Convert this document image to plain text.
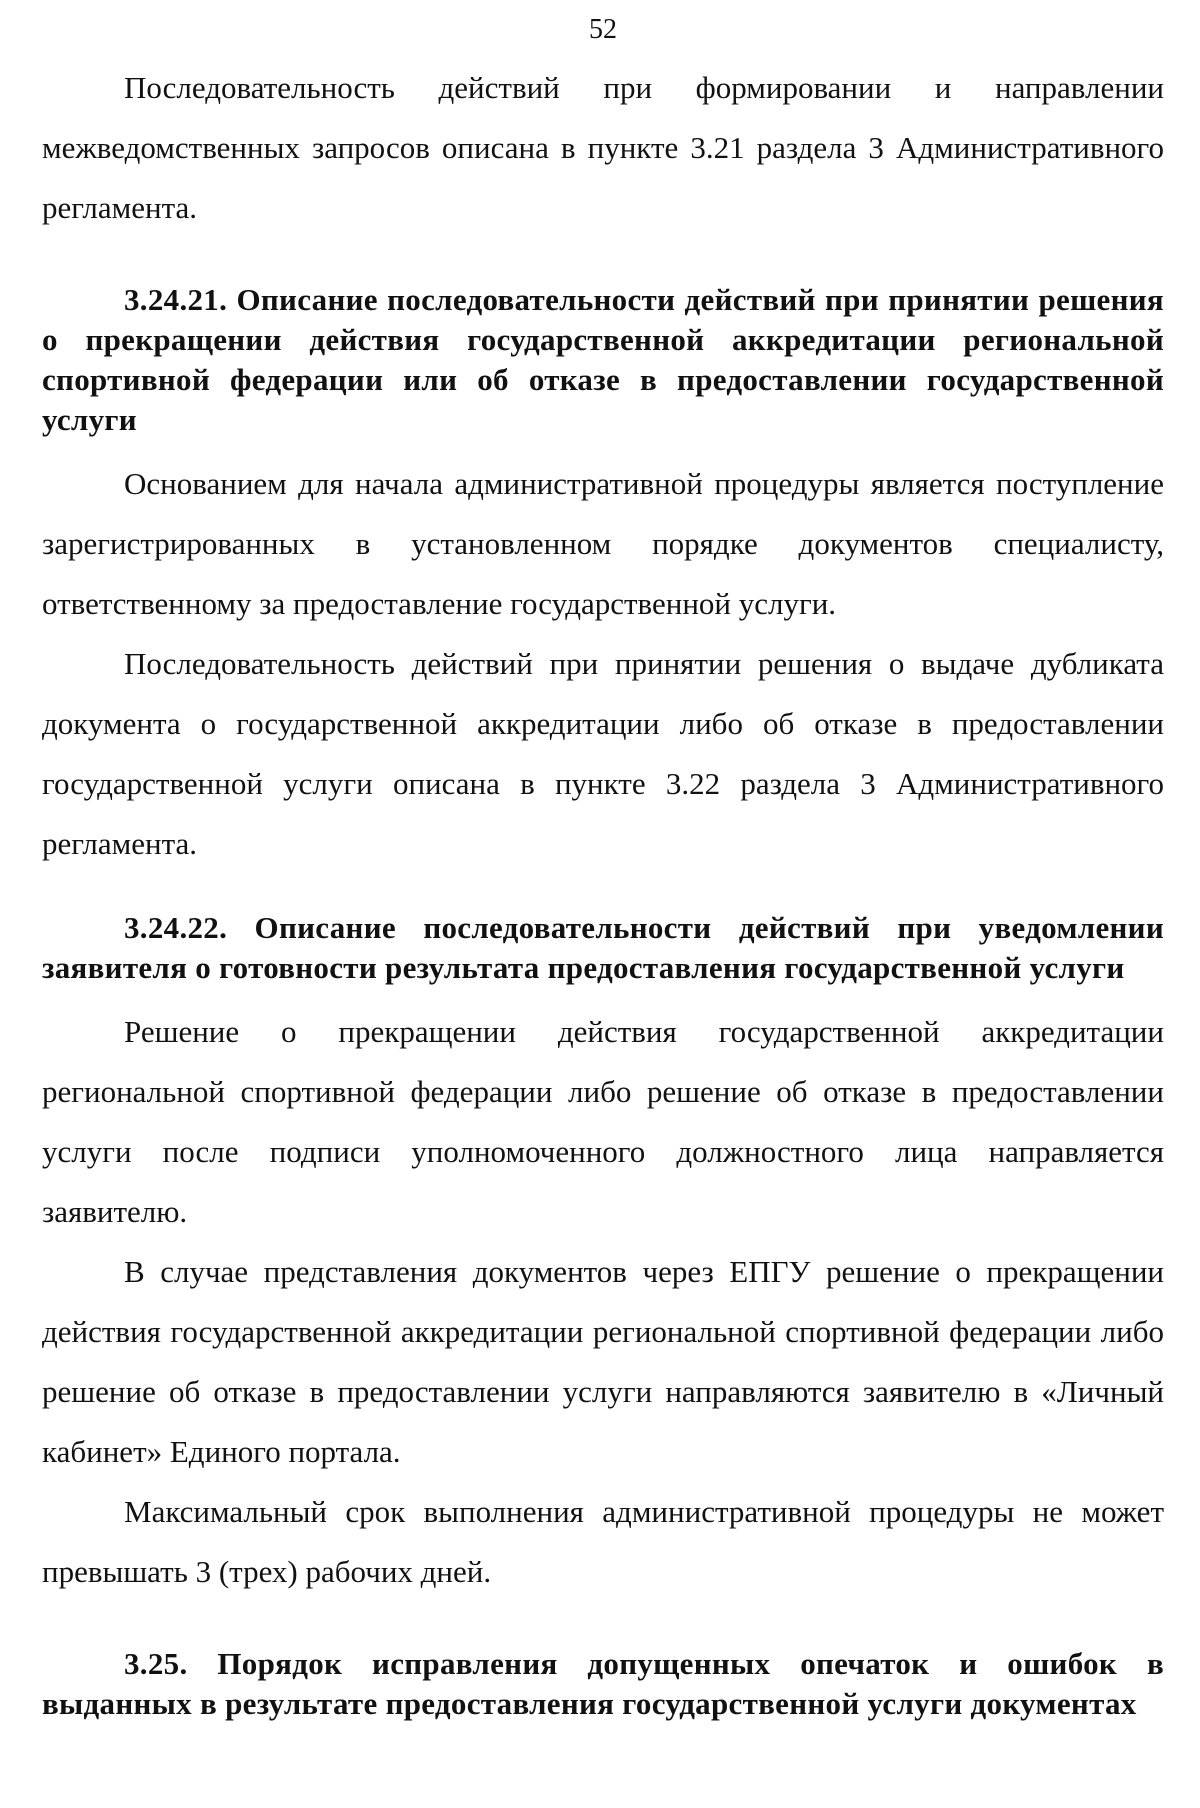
52

Последовательность действий при формировании и направлении межведомственных запросов описана в пункте 3.21 раздела 3 Административного регламента.

3.24.21. Описание последовательности действий при принятии решения о прекращении действия государственной аккредитации региональной спортивной федерации или об отказе в предоставлении государственной услуги

Основанием для начала административной процедуры является поступление зарегистрированных в установленном порядке документов специалисту, ответственному за предоставление государственной услуги.

Последовательность действий при принятии решения о выдаче дубликата документа о государственной аккредитации либо об отказе в предоставлении государственной услуги описана в пункте 3.22 раздела 3 Административного регламента.

3.24.22. Описание последовательности действий при уведомлении заявителя о готовности результата предоставления государственной услуги

Решение о прекращении действия государственной аккредитации региональной спортивной федерации либо решение об отказе в предоставлении услуги после подписи уполномоченного должностного лица направляется заявителю.

В случае представления документов через ЕПГУ решение о прекращении действия государственной аккредитации региональной спортивной федерации либо решение об отказе в предоставлении услуги направляются заявителю в «Личный кабинет» Единого портала.

Максимальный срок выполнения административной процедуры не может превышать 3 (трех) рабочих дней.

3.25. Порядок исправления допущенных опечаток и ошибок в выданных в результате предоставления государственной услуги документах
